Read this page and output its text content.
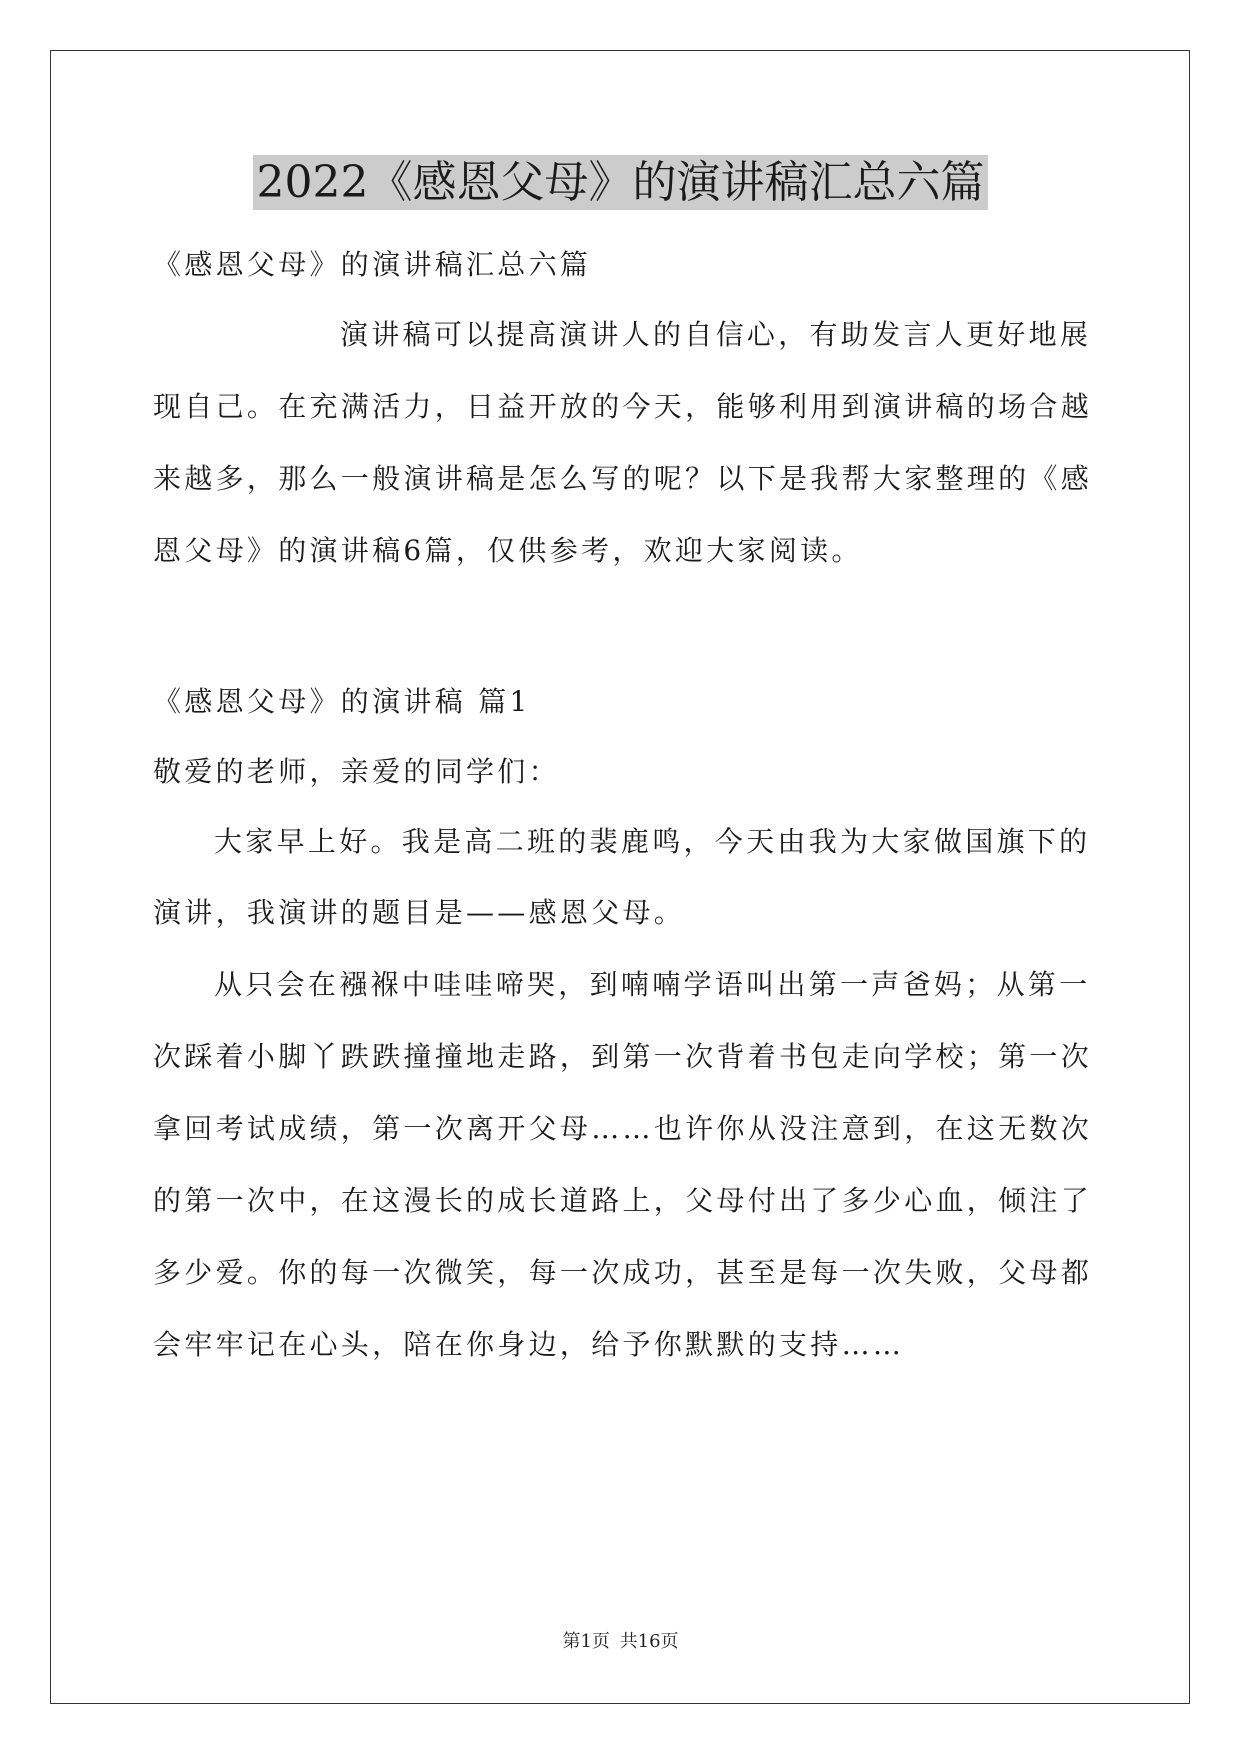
2022《感恩父母》的演讲稿汇总六篇
《感恩父母》的演讲稿汇总六篇
演讲稿可以提高演讲人的自信心，有助发言人更好地展
现自己。在充满活力，日益开放的今天，能够利用到演讲稿的场合越
来越多，那么一般演讲稿是怎么写的呢？以下是我帮大家整理的《感
恩父母》的演讲稿6篇，仅供参考，欢迎大家阅读。
《感恩父母》的演讲稿 篇1
敬爱的老师，亲爱的同学们：
大家早上好。我是高二班的裴鹿鸣，今天由我为大家做国旗下的
演讲，我演讲的题目是——感恩父母。
从只会在襁褓中哇哇啼哭，到喃喃学语叫出第一声爸妈；从第一
次踩着小脚丫跌跌撞撞地走路，到第一次背着书包走向学校；第一次
拿回考试成绩，第一次离开父母……也许你从没注意到，在这无数次
的第一次中，在这漫长的成长道路上，父母付出了多少心血，倾注了
多少爱。你的每一次微笑，每一次成功，甚至是每一次失败，父母都
会牢牢记在心头，陪在你身边，给予你默默的支持……
第1页 共16页
